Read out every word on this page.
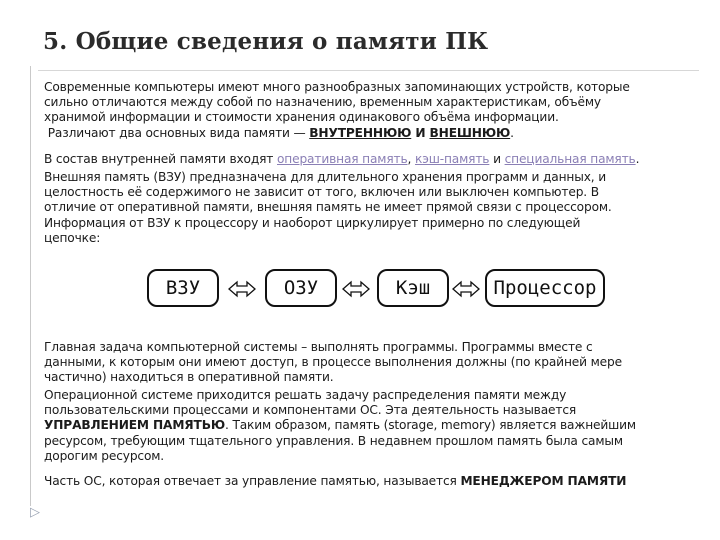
5. Общие сведения о памяти ПК
▷
Современные компьютеры имеют много разнообразных запоминающих устройств, которые
сильно отличаются между собой по назначению, временным характеристикам, объёму
хранимой информации и стоимости хранения одинакового объёма информации.
Различают два основных вида памяти — ВНУТРЕННЮЮ И ВНЕШНЮЮ.
В состав внутренней памяти входят оперативная память, кэш-память и специальная память.
Внешняя память (ВЗУ) предназначена для длительного хранения программ и данных, и
целостность её содержимого не зависит от того, включен или выключен компьютер. В
отличие от оперативной памяти, внешняя память не имеет прямой связи с процессором.
Информация от ВЗУ к процессору и наоборот циркулирует примерно по следующей
цепочке:
ВЗУ	ОЗУ	Кэш	Процессор
Главная задача компьютерной системы – выполнять программы. Программы вместе с
данными, к которым они имеют доступ, в процессе выполнения должны (по крайней мере
частично) находиться в оперативной памяти.
Операционной системе приходится решать задачу распределения памяти между
пользовательскими процессами и компонентами ОС. Эта деятельность называется
УПРАВЛЕНИЕМ ПАМЯТЬЮ. Таким образом, память (storage, memory) является важнейшим
ресурсом, требующим тщательного управления. В недавнем прошлом память была самым
дорогим ресурсом.
Часть ОС, которая отвечает за управление памятью, называется МЕНЕДЖЕРОМ ПАМЯТИ
